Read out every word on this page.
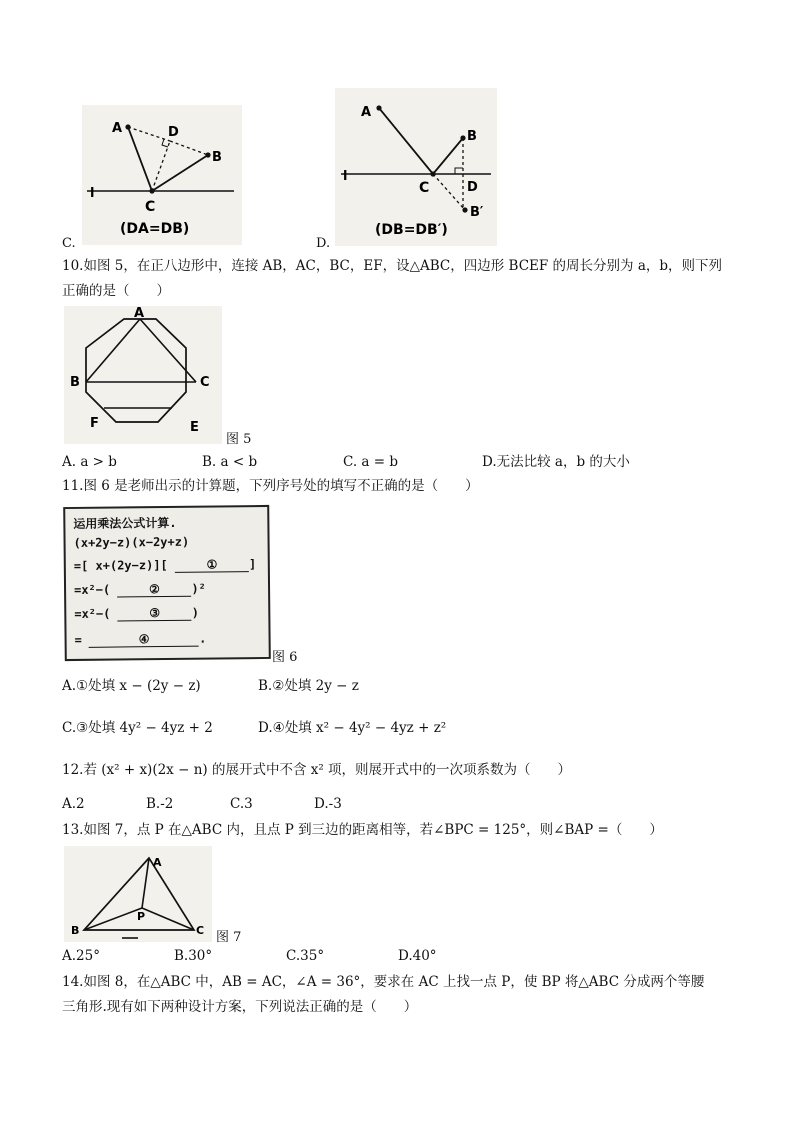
A	D
B
l
C
(DA=DB)
C.
A
B
l
C	D
B′
(DB=DB′)
D.
10.如图 5，在正八边形中，连接 AB，AC，BC，EF，设△ABC，四边形 BCEF 的周长分别为 a，b，则下列
正确的是（　　）
A
B	C
F	E
图 5
A. a > b	B. a < b	C. a = b	D.无法比较 a，b 的大小
11.图 6 是老师出示的计算题，下列序号处的填写不正确的是（　　）
运用乘法公式计算.
(x+2y−z)(x−2y+z)
=[ x+(2y−z)][	①	]
=x²−(	②	)²
=x²−(	③	)
=	④	.
图 6
A.①处填 x − (2y − z)	B.②处填 2y − z
C.③处填 4y² − 4yz + 2	D.④处填 x² − 4y² − 4yz + z²
12.若 (x² + x)(2x − n) 的展开式中不含 x² 项，则展开式中的一次项系数为（　　）
A.2	B.-2	C.3	D.-3
13.如图 7，点 P 在△ABC 内，且点 P 到三边的距离相等，若∠BPC = 125°，则∠BAP =（　　）
A
B	C
P
图 7
A.25°	B.30°	C.35°	D.40°
14.如图 8，在△ABC 中，AB = AC，∠A = 36°，要求在 AC 上找一点 P，使 BP 将△ABC 分成两个等腰
三角形.现有如下两种设计方案，下列说法正确的是（　　）
